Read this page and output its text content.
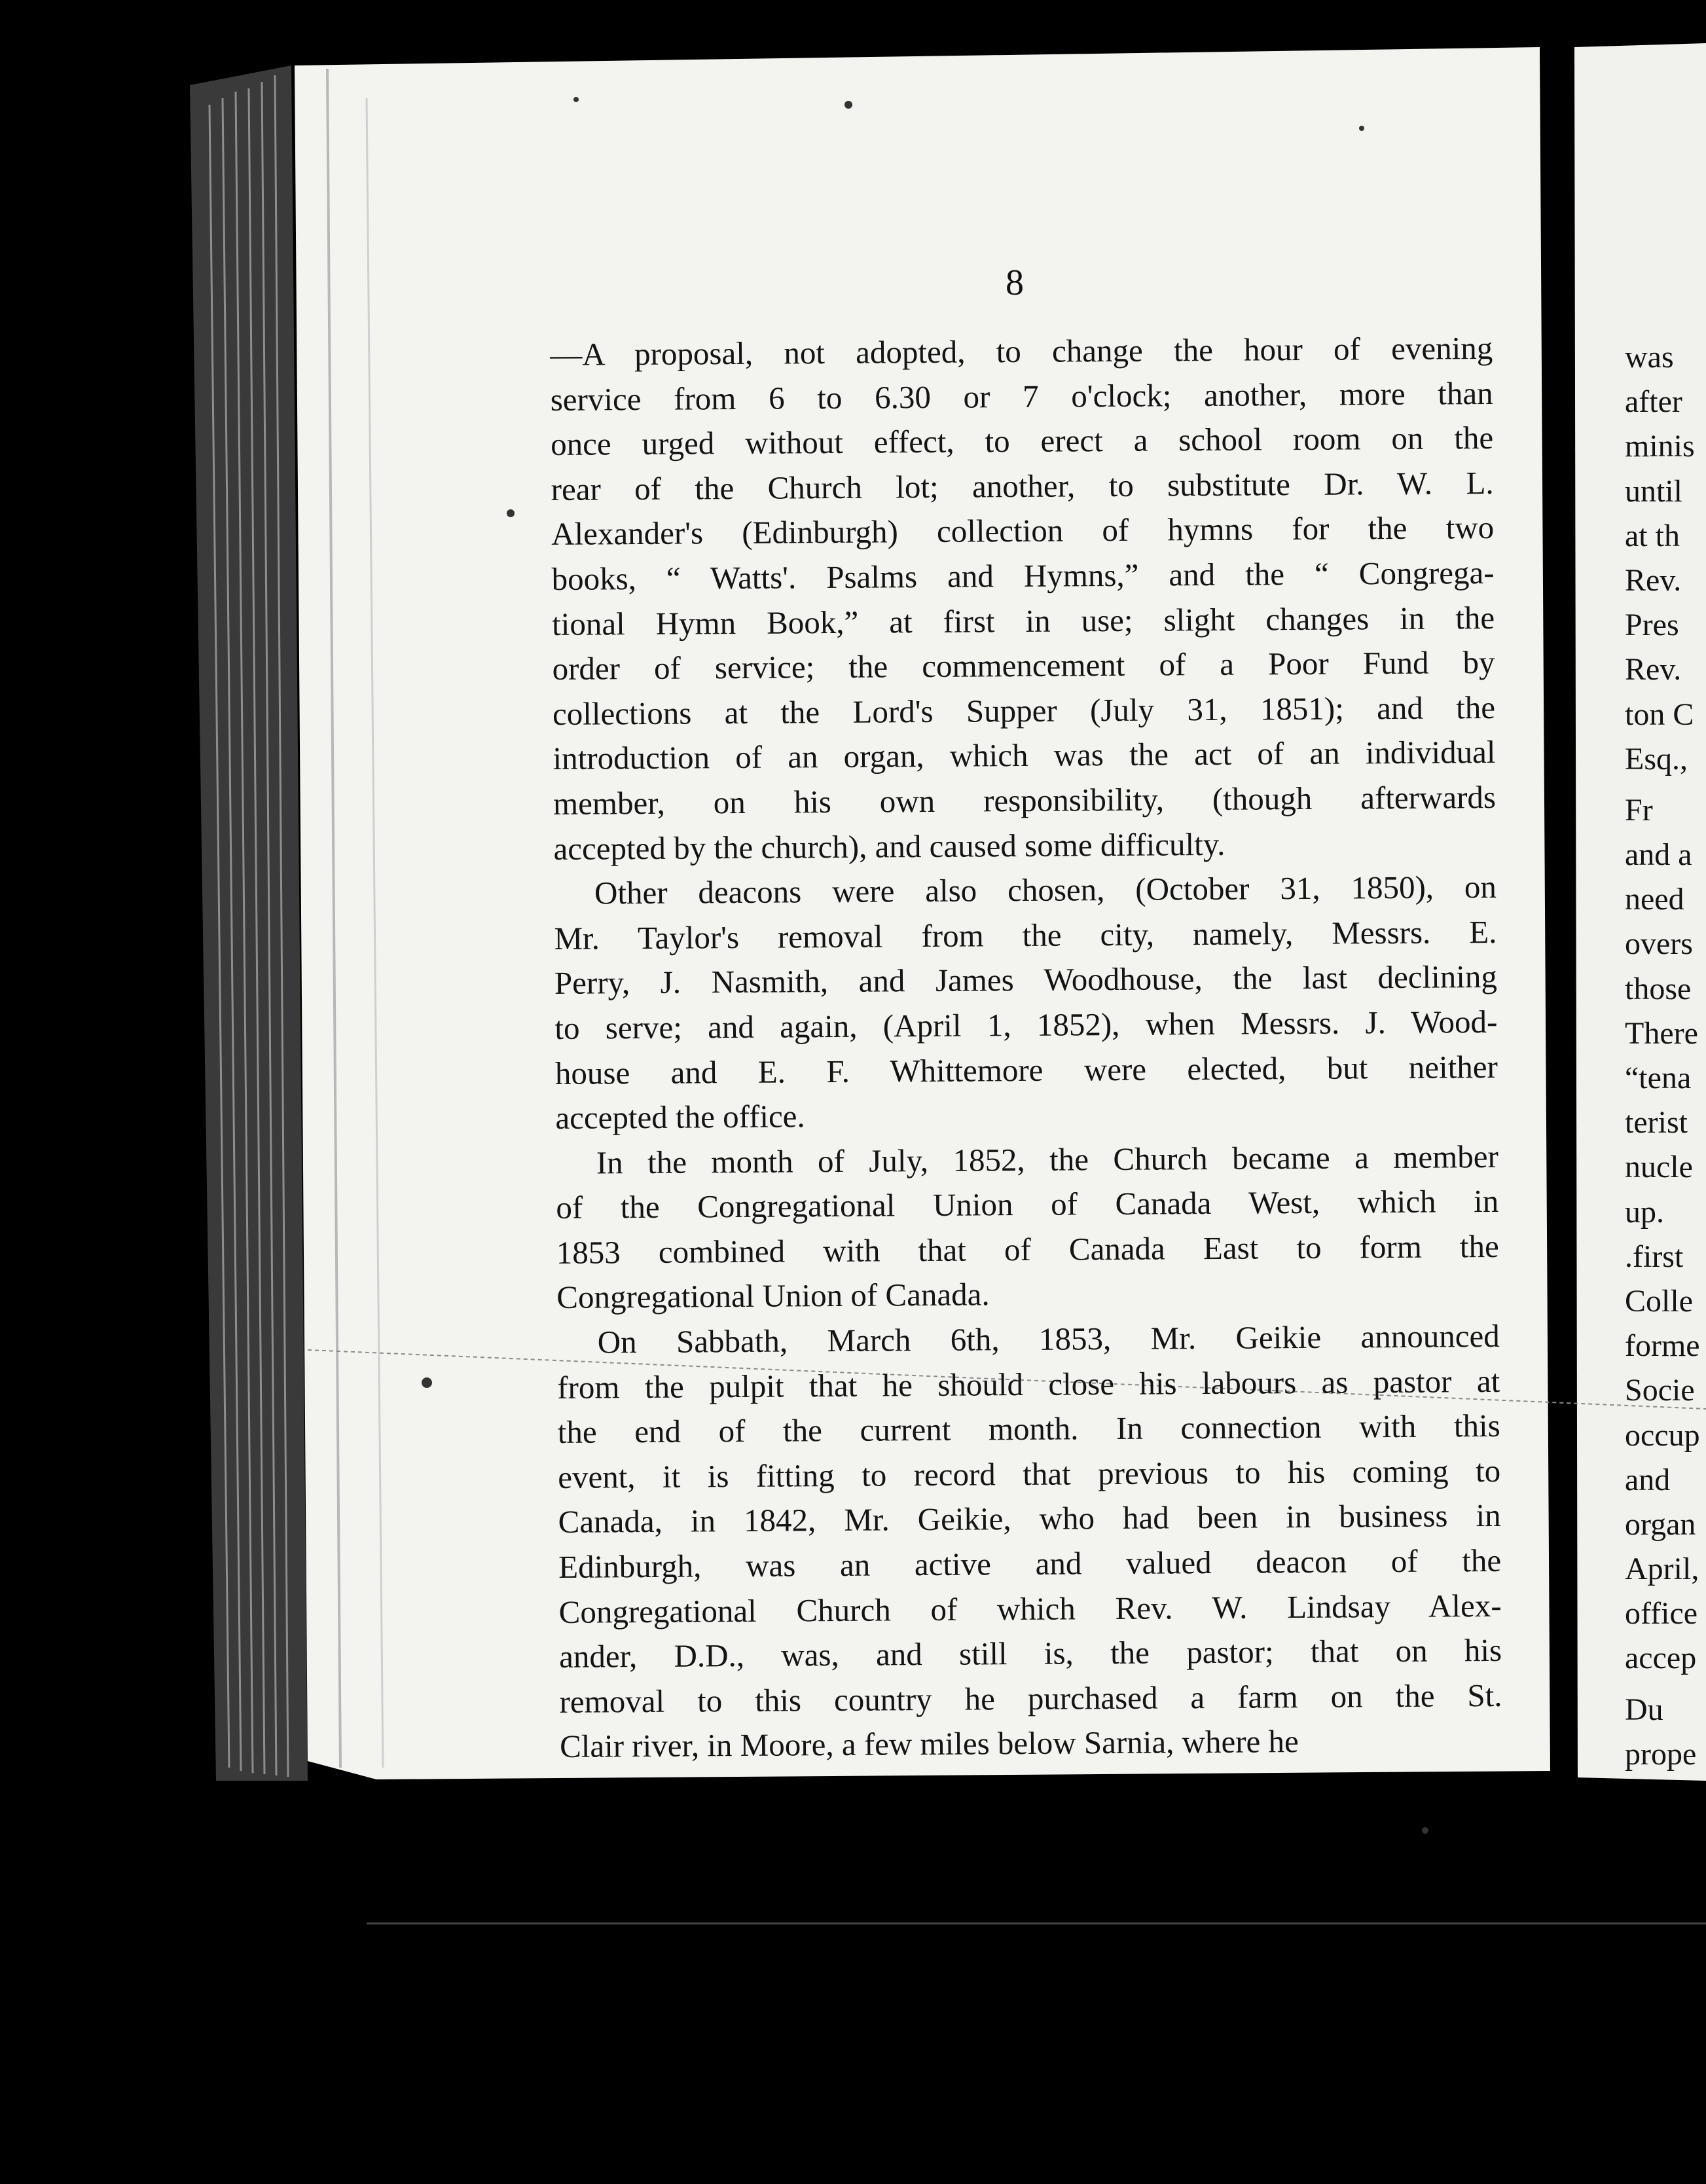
8

—A proposal, not adopted, to change the hour of evening
service from 6 to 6.30 or 7 o'clock; another, more than
once urged without effect, to erect a school room on the
rear of the Church lot; another, to substitute Dr. W. L.
Alexander's (Edinburgh) collection of hymns for the two
books, “ Watts'. Psalms and Hymns,” and the “ Congrega-
tional Hymn Book,” at first in use; slight changes in the
order of service; the commencement of a Poor Fund by
collections at the Lord's Supper (July 31, 1851); and the
introduction of an organ, which was the act of an individual
member, on his own responsibility, (though afterwards
accepted by the church), and caused some difficulty.

Other deacons were also chosen, (October 31, 1850), on
Mr. Taylor's removal from the city, namely, Messrs. E.
Perry, J. Nasmith, and James Woodhouse, the last declining
to serve; and again, (April 1, 1852), when Messrs. J. Wood-
house and E. F. Whittemore were elected, but neither
accepted the office.

In the month of July, 1852, the Church became a member
of the Congregational Union of Canada West, which in
1853 combined with that of Canada East to form the
Congregational Union of Canada.

On Sabbath, March 6th, 1853, Mr. Geikie announced
from the pulpit that he should close his labours as pastor at
the end of the current month. In connection with this
event, it is fitting to record that previous to his coming to
Canada, in 1842, Mr. Geikie, who had been in business in
Edinburgh, was an active and valued deacon of the
Congregational Church of which Rev. W. Lindsay Alex-
ander, D.D., was, and still is, the pastor; that on his
removal to this country he purchased a farm on the St.
Clair river, in Moore, a few miles below Sarnia, where he

was
after
minis
until
at th
Rev.
Pres
Rev.
ton C
Esq.,
Fr
and a
need
overs
those
There
“tena
terist
nucle
up.
.first
Colle
forme
Socie
occup
and
organ
April,
office
accep
Du
prope
